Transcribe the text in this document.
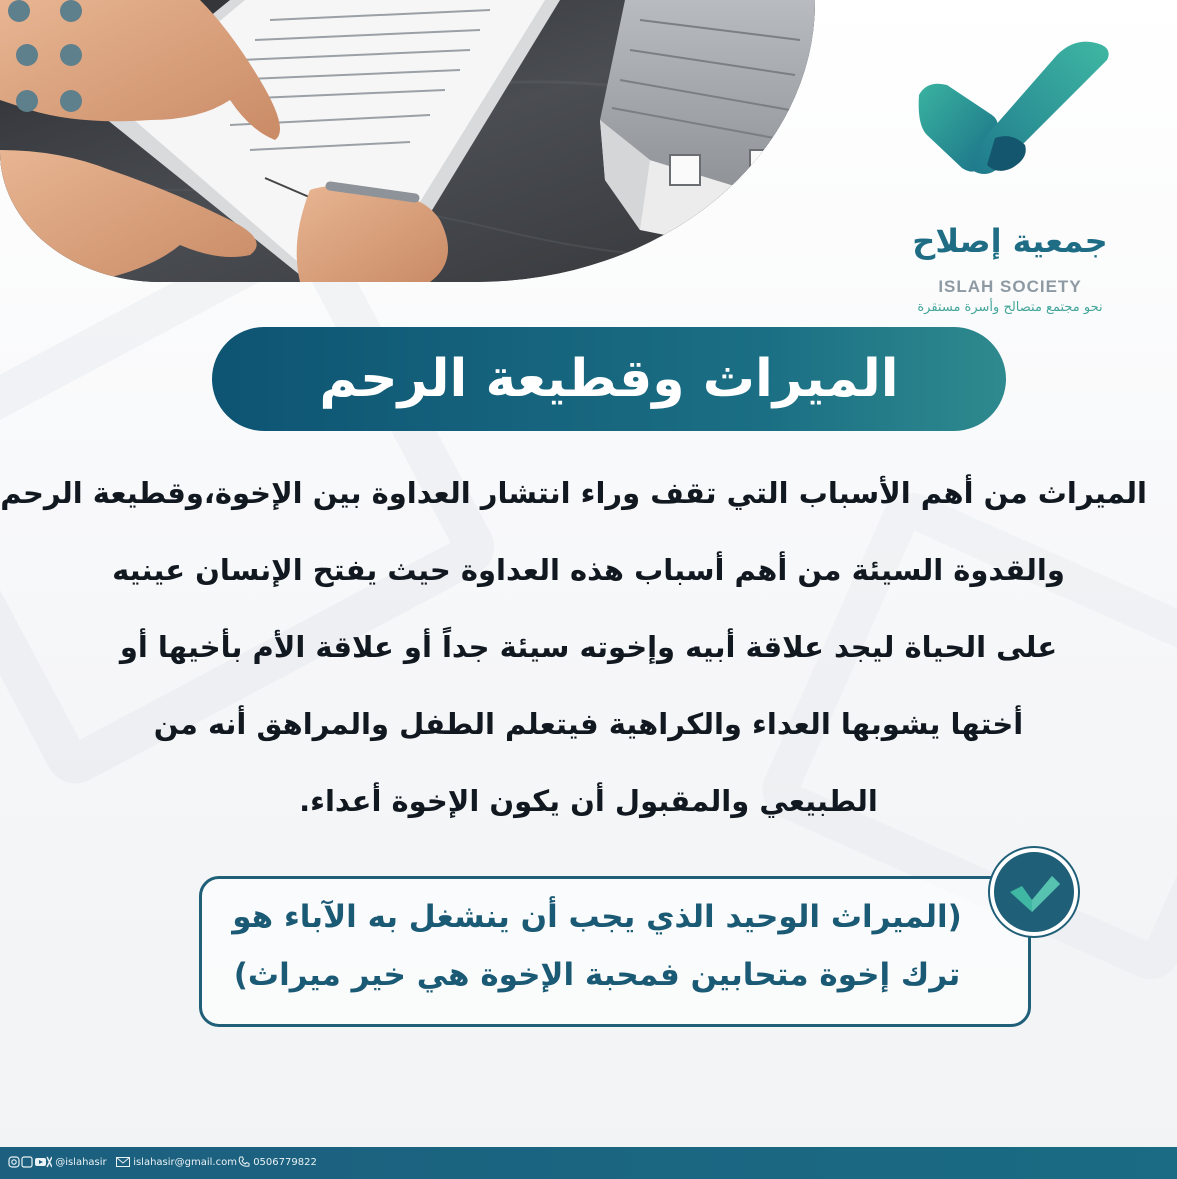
جمعية إصلاح
ISLAH SOCIETY
نحو مجتمع متصالح وأسرة مستقرة
الميراث وقطيعة الرحم
الميراث من أهم الأسباب التي تقف وراء انتشار العداوة بين الإخوة،وقطيعة الرحم
والقدوة السيئة من أهم أسباب هذه العداوة حيث يفتح الإنسان عينيه
على الحياة ليجد علاقة أبيه وإخوته سيئة جداً أو علاقة الأم بأخيها أو
أختها يشوبها العداء والكراهية فيتعلم الطفل والمراهق أنه من
الطبيعي والمقبول أن يكون الإخوة أعداء.
(الميراث الوحيد الذي يجب أن ينشغل به الآباء هو
ترك إخوة متحابين فمحبة الإخوة هي خير ميراث)
@islahasir	islahasir@gmail.com	0506779822
